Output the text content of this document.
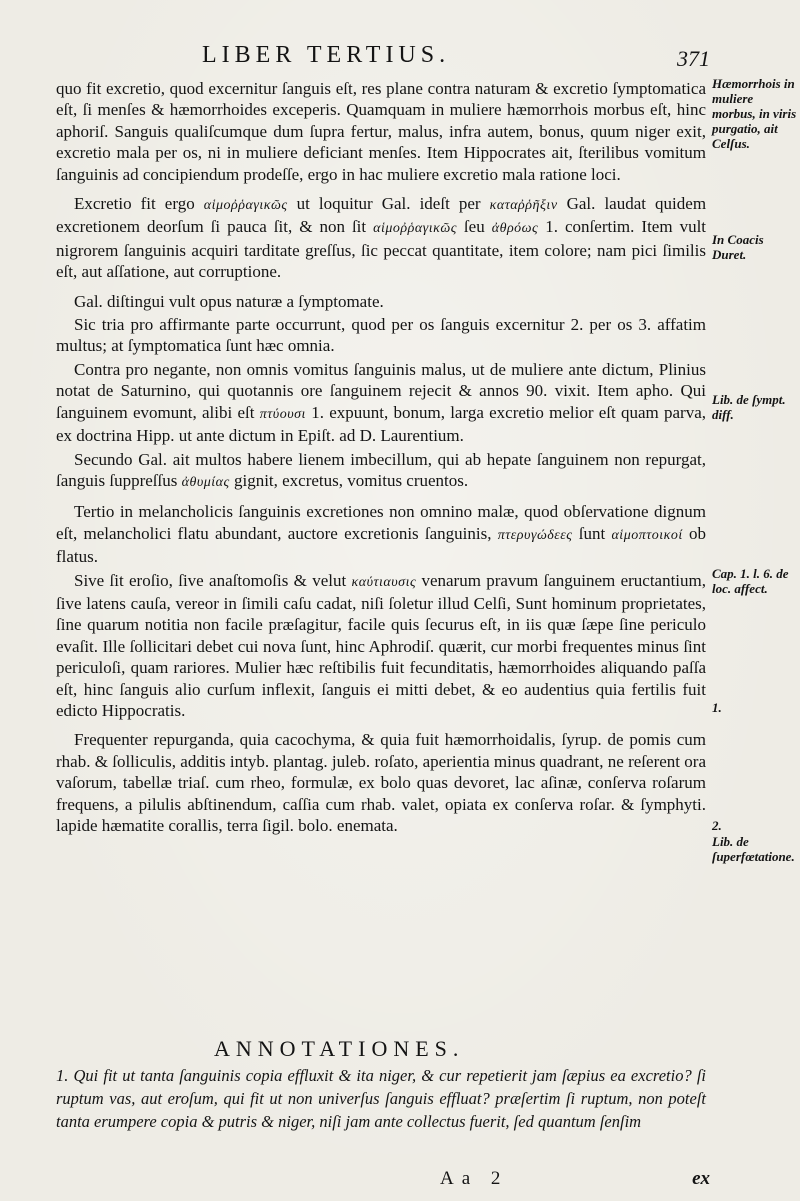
LIBER TERTIUS.	371

quo fit excretio, quod excernitur ſanguis eſt, res plane contra naturam & excretio ſymptomatica eſt, ſi menſes & hæmorrhoides exceperis. Quamquam in muliere hæmorrhois morbus eſt, hinc aphoriſ. Sanguis qualiſcumque dum ſupra fertur, malus, infra autem, bonus, quum niger exit, excretio mala per os, ni in muliere deficiant menſes. Item Hippocrates ait, ſterilibus vomitum ſanguinis ad concipiendum prodeſſe, ergo in hac muliere excretio mala ratione loci.

Excretio fit ergo αἱμοῤῥαγικῶς ut loquitur Gal. ideſt per καταῤῥῆξιν Gal. laudat quidem excretionem deorſum ſi pauca ſit, & non ſit αἱμοῤῥαγικῶς ſeu ἀθρόως 1. conſertim. Item vult nigrorem ſanguinis acquiri tarditate greſſus, ſic peccat quantitate, item colore; nam pici ſimilis eſt, aut aſſatione, aut corruptione.

Gal. diſtingui vult opus naturæ a ſymptomate.

Sic tria pro affirmante parte occurrunt, quod per os ſanguis excernitur 2. per os 3. affatim multus; at ſymptomatica ſunt hæc omnia.

Contra pro negante, non omnis vomitus ſanguinis malus, ut de muliere ante dictum, Plinius notat de Saturnino, qui quotannis ore ſanguinem rejecit & annos 90. vixit. Item apho. Qui ſanguinem evomunt, alibi eſt πτύουσι 1. expuunt, bonum, larga excretio melior eſt quam parva, ex doctrina Hipp. ut ante dictum in Epiſt. ad D. Laurentium.

Secundo Gal. ait multos habere lienem imbecillum, qui ab hepate ſanguinem non repurgat, ſanguis ſuppreſſus ἀθυμίας gignit, excretus, vomitus cruentos.

Tertio in melancholicis ſanguinis excretiones non omnino malæ, quod obſervatione dignum eſt, melancholici flatu abundant, auctore excretionis ſanguinis, πτερυγώδεες ſunt αἱμοπτοικοί ob flatus.

Sive ſit eroſio, ſive anaſtomoſis & velut καύτιαυσις venarum pravum ſanguinem eructantium, ſive latens cauſa, vereor in ſimili caſu cadat, niſi ſoletur illud Celſi, Sunt hominum proprietates, ſine quarum notitia non facile præſagitur, facile quis ſecurus eſt, in iis quæ ſæpe ſine periculo evaſit. Ille ſollicitari debet cui nova ſunt, hinc Aphrodiſ. quærit, cur morbi frequentes minus ſint periculoſi, quam rariores. Mulier hæc reſtibilis fuit fecunditatis, hæmorrhoides aliquando paſſa eſt, hinc ſanguis alio curſum inflexit, ſanguis ei mitti debet, & eo audentius quia fertilis fuit edicto Hippocratis.

Frequenter repurganda, quia cacochyma, & quia fuit hæmorrhoidalis, ſyrup. de pomis cum rhab. & ſolliculis, additis intyb. plantag. juleb. roſato, aperientia minus quadrant, ne reſerent ora vaſorum, tabellæ triaſ. cum rheo, formulæ, ex bolo quas devoret, lac aſinæ, conſerva roſarum frequens, a pilulis abſtinendum, caſſia cum rhab. valet, opiata ex conſerva roſar. & ſymphyti. lapide hæmatite corallis, terra ſigil. bolo. enemata.

ANNOTATIONES.
1. Qui fit ut tanta ſanguinis copia effluxit & ita niger, & cur repetierit jam ſæpius ea excretio? ſi ruptum vas, aut eroſum, qui fit ut non univerſus ſanguis effluat? præſertim ſi ruptum, non poteſt tanta erumpere copia & putris & niger, niſi jam ante collectus fuerit, ſed quantum ſenſim
Aa 2	ex
Hæmorrhois in muliere morbus, in viris purgatio, ait Celſus.
In Coacis Duret.
Lib. de ſympt. diff.
Cap. 1. l. 6. de loc. affect.
1.
2.
Lib. de ſuperfœtatione.
